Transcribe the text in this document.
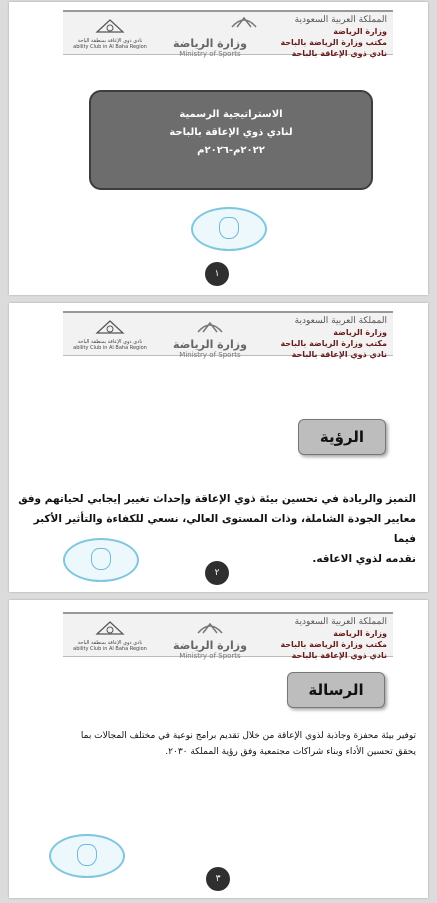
المملكة العربية السعودية
وزارة الرياضة
مكتب وزارة الرياضة بالباحة
نادي ذوي الإعاقة بالباحة
وزارة الرياضة
Ministry of Sports
نادي ذوي الإعاقة بمنطقة الباحة
ability Club in Al Baha Region
الاستراتيجية الرسمية
لنادي ذوي الإعاقة بالباحة
٢٠٢٢م-٢٠٢٦م
١
المملكة العربية السعودية
وزارة الرياضة
مكتب وزارة الرياضة بالباحة
نادي ذوي الإعاقة بالباحة
وزارة الرياضة
Ministry of Sports
نادي ذوي الإعاقة بمنطقة الباحة
ability Club in Al Baha Region
الرؤية
التميز والريادة في تحسين بيئة ذوي الإعاقة وإحداث تغيير إيجابي لحياتهم وفق
معايير الجودة الشاملة، وذات المستوى العالي، نسعي للكفاءة والتأثير الأكبر فيما
نقدمه لذوي الاعاقه.
٢
المملكة العربية السعودية
وزارة الرياضة
مكتب وزارة الرياضة بالباحة
نادي ذوي الإعاقة بالباحة
وزارة الرياضة
Ministry of Sports
نادي ذوي الإعاقة بمنطقة الباحة
ability Club in Al Baha Region
الرسالة
توفير بيئة محفزة وجاذبة لذوي الإعاقة من خلال تقديم برامج نوعية في مختلف المجالات بما
يحقق تحسين الأداء وبناء شراكات مجتمعية وفق رؤية المملكة ٢٠٣٠.
٣
